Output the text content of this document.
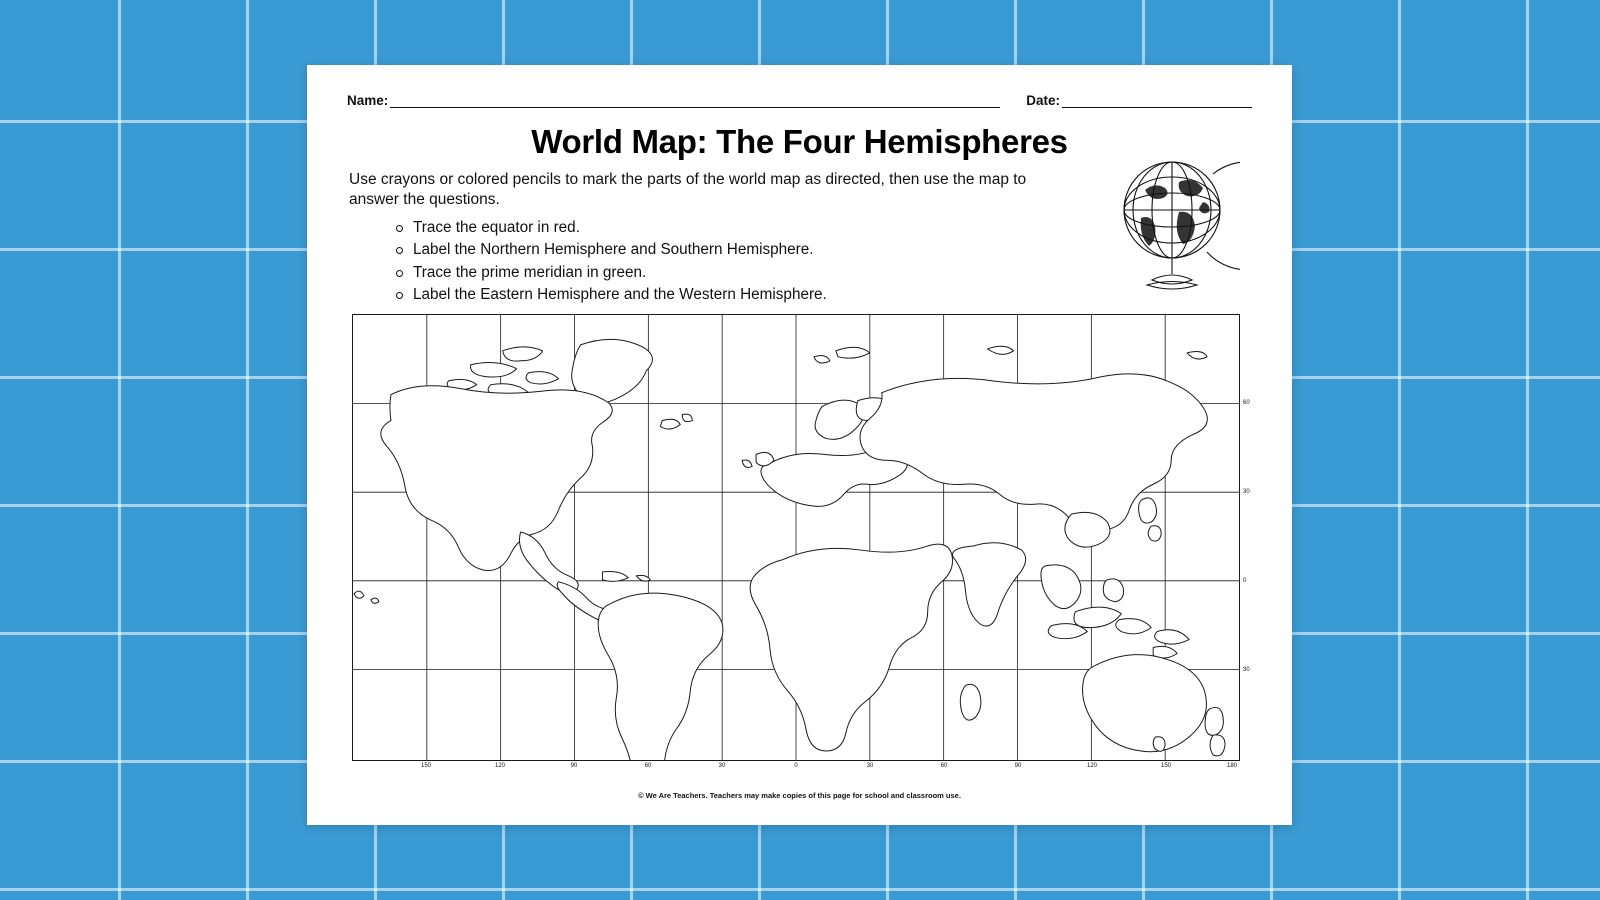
Name:	Date:
World Map: The Four Hemispheres
Use crayons or colored pencils to mark the parts of the world map as directed, then use the map to answer the questions.
Trace the equator in red.
Label the Northern Hemisphere and Southern Hemisphere.
Trace the prime meridian in green.
Label the Eastern Hemisphere and the Western Hemisphere.
150	120	90	60	30	0	30	60	90	120	150	180
60
30
0
30
© We Are Teachers. Teachers may make copies of this page for school and classroom use.
